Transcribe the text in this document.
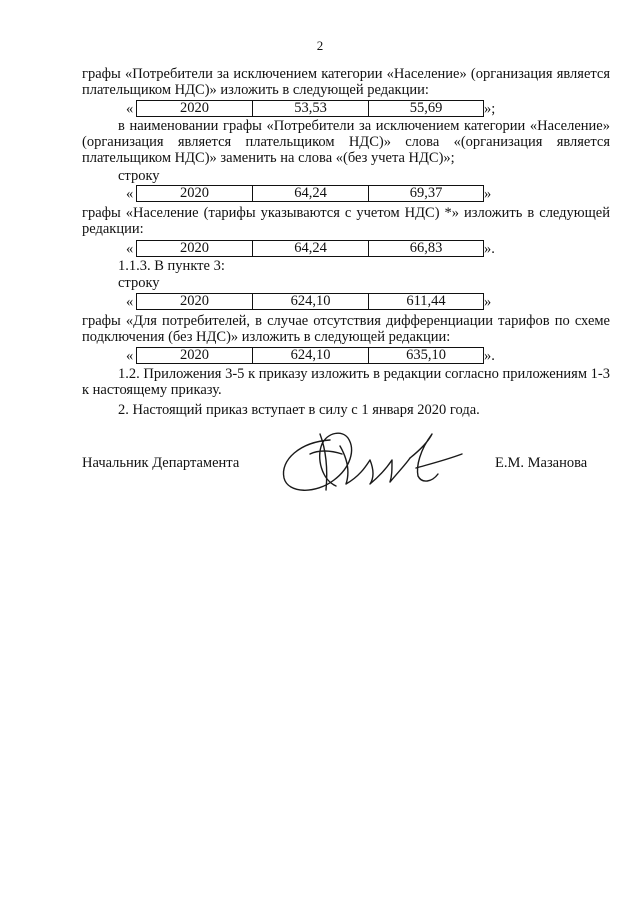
2
графы «Потребители за исключением категории «Население» (организация является плательщиком НДС)» изложить в следующей редакции:
«	2020	53,53	55,69	»;
в наименовании графы «Потребители за исключением категории «Население» (организация является плательщиком НДС)» слова «(организация является плательщиком НДС)» заменить на слова «(без учета НДС)»;
строку
«	2020	64,24	69,37	»
графы «Население (тарифы указываются с учетом НДС) *» изложить в следующей редакции:
«	2020	64,24	66,83	».
1.1.3. В пункте 3:
строку
«	2020	624,10	611,44	»
графы «Для потребителей, в случае отсутствия дифференциации тарифов по схеме подключения (без НДС)» изложить в следующей редакции:
«	2020	624,10	635,10	».
1.2. Приложения 3-5 к приказу изложить в редакции согласно приложениям 1-3 к настоящему приказу.
2. Настоящий приказ вступает в силу с 1 января 2020 года.
Начальник Департамента	Е.М. Мазанова
